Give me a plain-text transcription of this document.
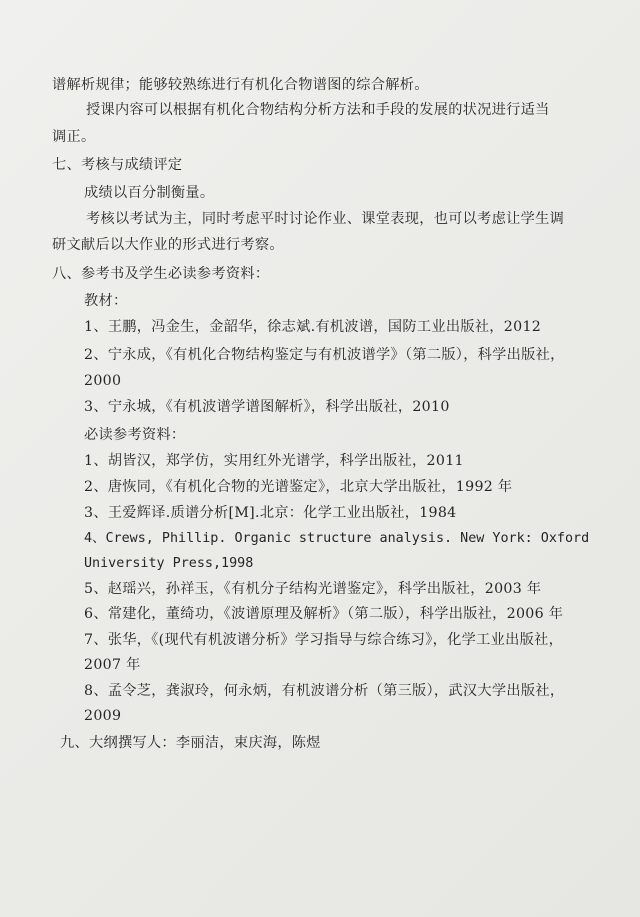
谱解析规律；能够较熟练进行有机化合物谱图的综合解析。
授课内容可以根据有机化合物结构分析方法和手段的发展的状况进行适当
调正。
七、考核与成绩评定
成绩以百分制衡量。
考核以考试为主，同时考虑平时讨论作业、课堂表现，也可以考虑让学生调
研文献后以大作业的形式进行考察。
八、参考书及学生必读参考资料：
教材：
1、王鹏，冯金生，金韶华，徐志斌.有机波谱，国防工业出版社，2012
2、宁永成，《有机化合物结构鉴定与有机波谱学》（第二版），科学出版社，
2000
3、宁永城，《有机波谱学谱图解析》，科学出版社，2010
必读参考资料：
1、胡皆汉，郑学仿，实用红外光谱学，科学出版社，2011
2、唐恢同，《有机化合物的光谱鉴定》，北京大学出版社，1992 年
3、王爱辉译.质谱分析[M].北京：化学工业出版社，1984
4、Crews, Phillip. Organic structure analysis. New York: Oxford
University Press,1998
5、赵瑶兴，孙祥玉，《有机分子结构光谱鉴定》，科学出版社，2003 年
6、常建化，董绮功，《波谱原理及解析》（第二版），科学出版社，2006 年
7、张华，《(现代有机波谱分析》学习指导与综合练习》，化学工业出版社，
2007 年
8、孟令芝，龚淑玲，何永炳，有机波谱分析（第三版），武汉大学出版社，
2009
九、大纲撰写人：李丽洁，束庆海，陈煜
